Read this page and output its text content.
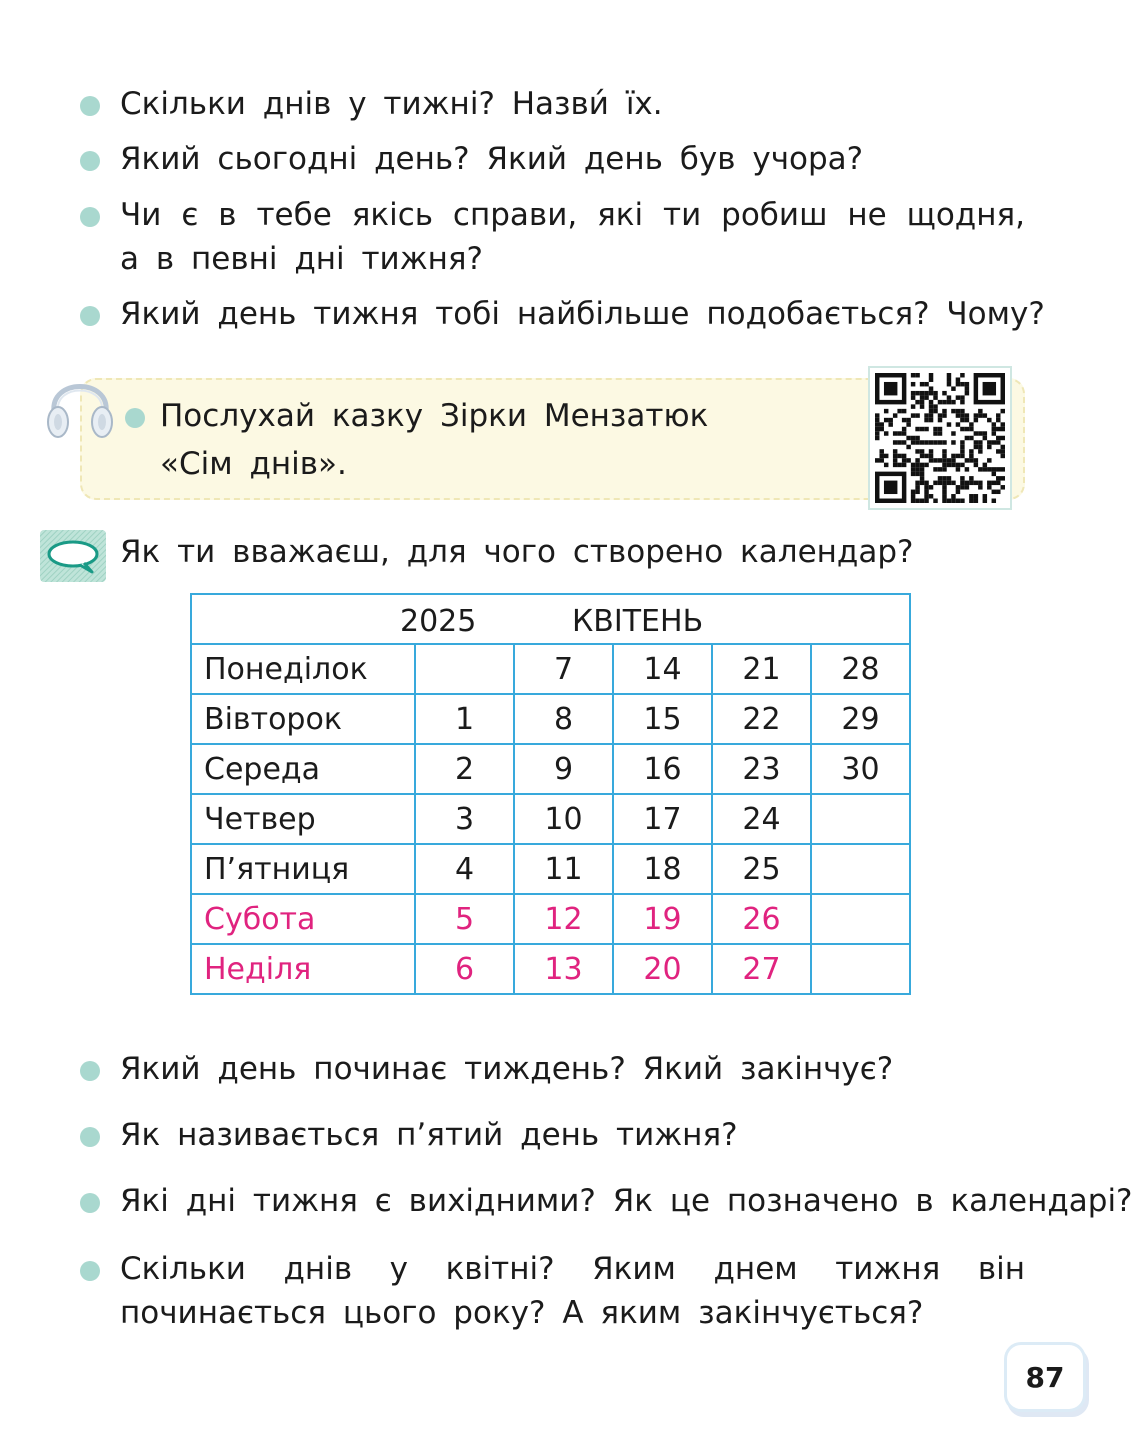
Скільки днів у тижні? Назви́ їх.
Який сьогодні день? Який день був учора?
Чи є в тебе якісь справи, які ти робиш не щодня, а в певні дні тижня?
Який день тижня тобі найбільше подобається? Чому?
Послухай казку Зірки Мензатюк
«Сім днів».
Як ти вважаєш, для чого створено календар?
2025 КВІТЕНЬ					

Понеділок		7	14	21	28
Вівторок	1	8	15	22	29
Середа	2	9	16	23	30
Четвер	3	10	17	24	
П’ятниця	4	11	18	25	
Субота	5	12	19	26	
Неділя	6	13	20	27	
Який день починає тиждень? Який закінчує?
Як називається п’ятий день тижня?
Які дні тижня є вихідними? Як це позначено в календарі?
Скільки днів у квітні? Яким днем тижня він починається цього року? А яким закінчується?
87
